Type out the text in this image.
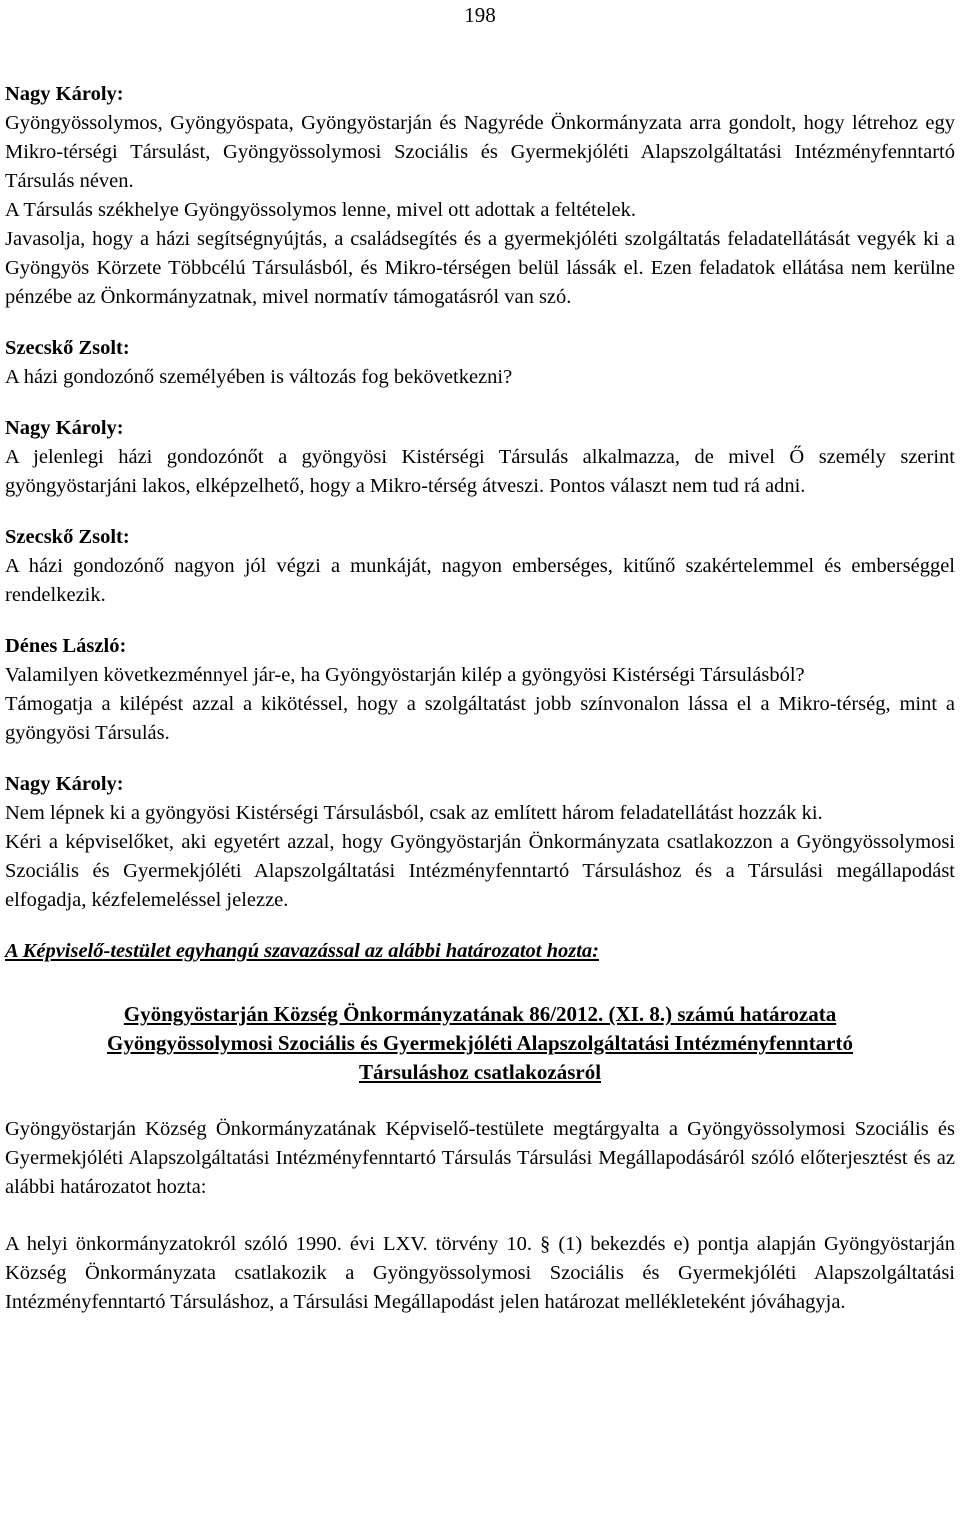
198
Nagy Károly:

Gyöngyössolymos, Gyöngyöspata, Gyöngyöstarján és Nagyréde Önkormányzata arra gondolt, hogy létrehoz egy Mikro-térségi Társulást, Gyöngyössolymosi Szociális és Gyermekjóléti Alapszolgáltatási Intézményfenntartó Társulás néven.

A Társulás székhelye Gyöngyössolymos lenne, mivel ott adottak a feltételek.

Javasolja, hogy a házi segítségnyújtás, a családsegítés és a gyermekjóléti szolgáltatás feladatellátását vegyék ki a Gyöngyös Körzete Többcélú Társulásból, és Mikro-térségen belül lássák el. Ezen feladatok ellátása nem kerülne pénzébe az Önkormányzatnak, mivel normatív támogatásról van szó.

Szecskő Zsolt:

A házi gondozónő személyében is változás fog bekövetkezni?

Nagy Károly:

A jelenlegi házi gondozónőt a gyöngyösi Kistérségi Társulás alkalmazza, de mivel Ő személy szerint gyöngyöstarjáni lakos, elképzelhető, hogy a Mikro-térség átveszi. Pontos választ nem tud rá adni.

Szecskő Zsolt:

A házi gondozónő nagyon jól végzi a munkáját, nagyon emberséges, kitűnő szakértelemmel és emberséggel rendelkezik.

Dénes László:

Valamilyen következménnyel jár-e, ha Gyöngyöstarján kilép a gyöngyösi Kistérségi Társulásból?

Támogatja a kilépést azzal a kikötéssel, hogy a szolgáltatást jobb színvonalon lássa el a Mikro-térség, mint a gyöngyösi Társulás.

Nagy Károly:

Nem lépnek ki a gyöngyösi Kistérségi Társulásból, csak az említett három feladatellátást hozzák ki.

Kéri a képviselőket, aki egyetért azzal, hogy Gyöngyöstarján Önkormányzata csatlakozzon a Gyöngyössolymosi Szociális és Gyermekjóléti Alapszolgáltatási Intézményfenntartó Társuláshoz és a Társulási megállapodást elfogadja, kézfelemeléssel jelezze.

A Képviselő-testület egyhangú szavazással az alábbi határozatot hozta:

Gyöngyöstarján Község Önkormányzatának 86/2012. (XI. 8.) számú határozata

Gyöngyössolymosi Szociális és Gyermekjóléti Alapszolgáltatási Intézményfenntartó

Társuláshoz csatlakozásról

Gyöngyöstarján Község Önkormányzatának Képviselő-testülete megtárgyalta a Gyöngyössolymosi Szociális és Gyermekjóléti Alapszolgáltatási Intézményfenntartó Társulás Társulási Megállapodásáról szóló előterjesztést és az alábbi határozatot hozta:

A helyi önkormányzatokról szóló 1990. évi LXV. törvény 10. § (1) bekezdés e) pontja alapján Gyöngyöstarján Község Önkormányzata csatlakozik a Gyöngyössolymosi Szociális és Gyermekjóléti Alapszolgáltatási Intézményfenntartó Társuláshoz, a Társulási Megállapodást jelen határozat mellékleteként jóváhagyja.
